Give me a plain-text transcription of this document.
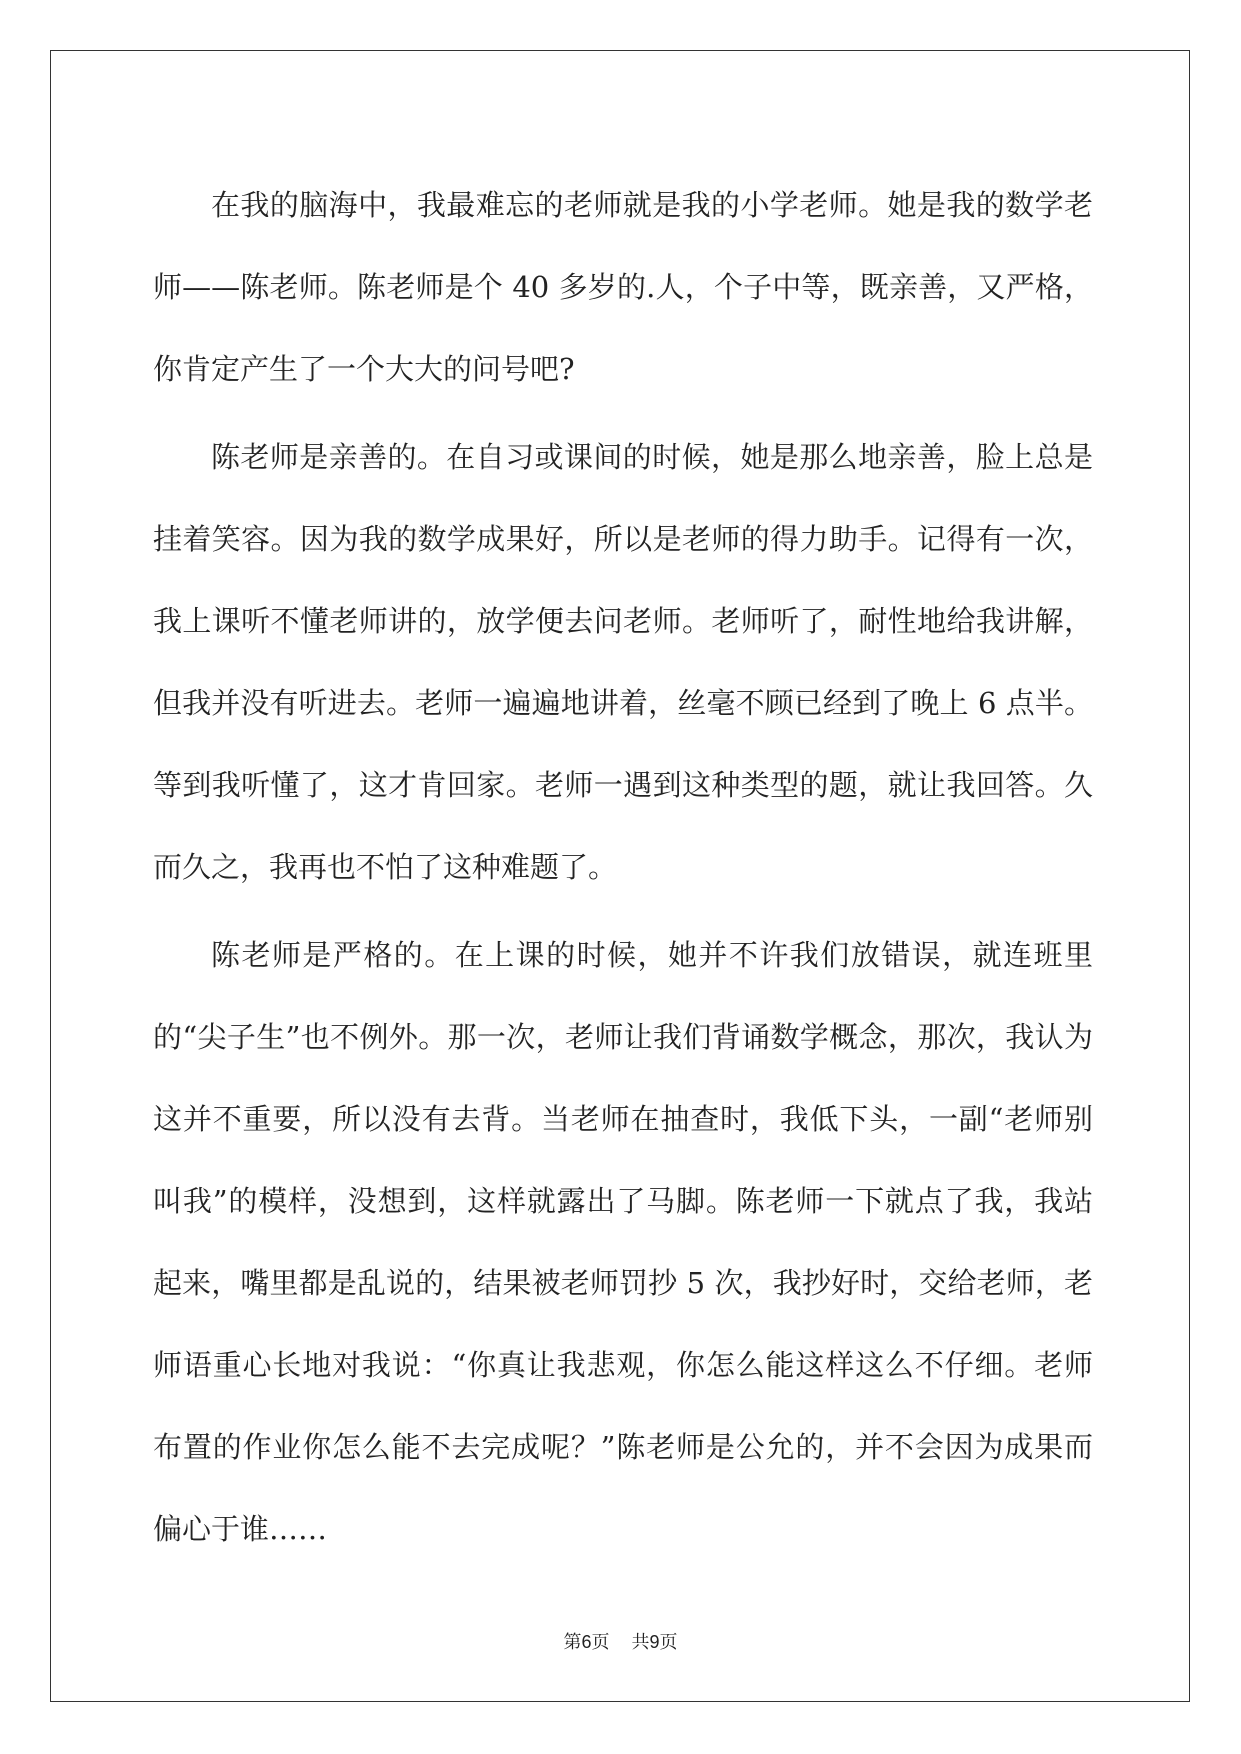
在我的脑海中，我最难忘的老师就是我的小学老师。她是我的数学老师——陈老师。陈老师是个 40 多岁的.人，个子中等，既亲善，又严格，你肯定产生了一个大大的问号吧?

陈老师是亲善的。在自习或课间的时候，她是那么地亲善，脸上总是挂着笑容。因为我的数学成果好，所以是老师的得力助手。记得有一次，我上课听不懂老师讲的，放学便去问老师。老师听了，耐性地给我讲解，但我并没有听进去。老师一遍遍地讲着，丝毫不顾已经到了晚上 6 点半。等到我听懂了，这才肯回家。老师一遇到这种类型的题，就让我回答。久而久之，我再也不怕了这种难题了。

陈老师是严格的。在上课的时候，她并不许我们放错误，就连班里的“尖子生”也不例外。那一次，老师让我们背诵数学概念，那次，我认为这并不重要，所以没有去背。当老师在抽查时，我低下头，一副“老师别叫我”的模样，没想到，这样就露出了马脚。陈老师一下就点了我，我站起来，嘴里都是乱说的，结果被老师罚抄 5 次，我抄好时，交给老师，老师语重心长地对我说：“你真让我悲观，你怎么能这样这么不仔细。老师布置的作业你怎么能不去完成呢？”陈老师是公允的，并不会因为成果而偏心于谁……

第6页 共9页
